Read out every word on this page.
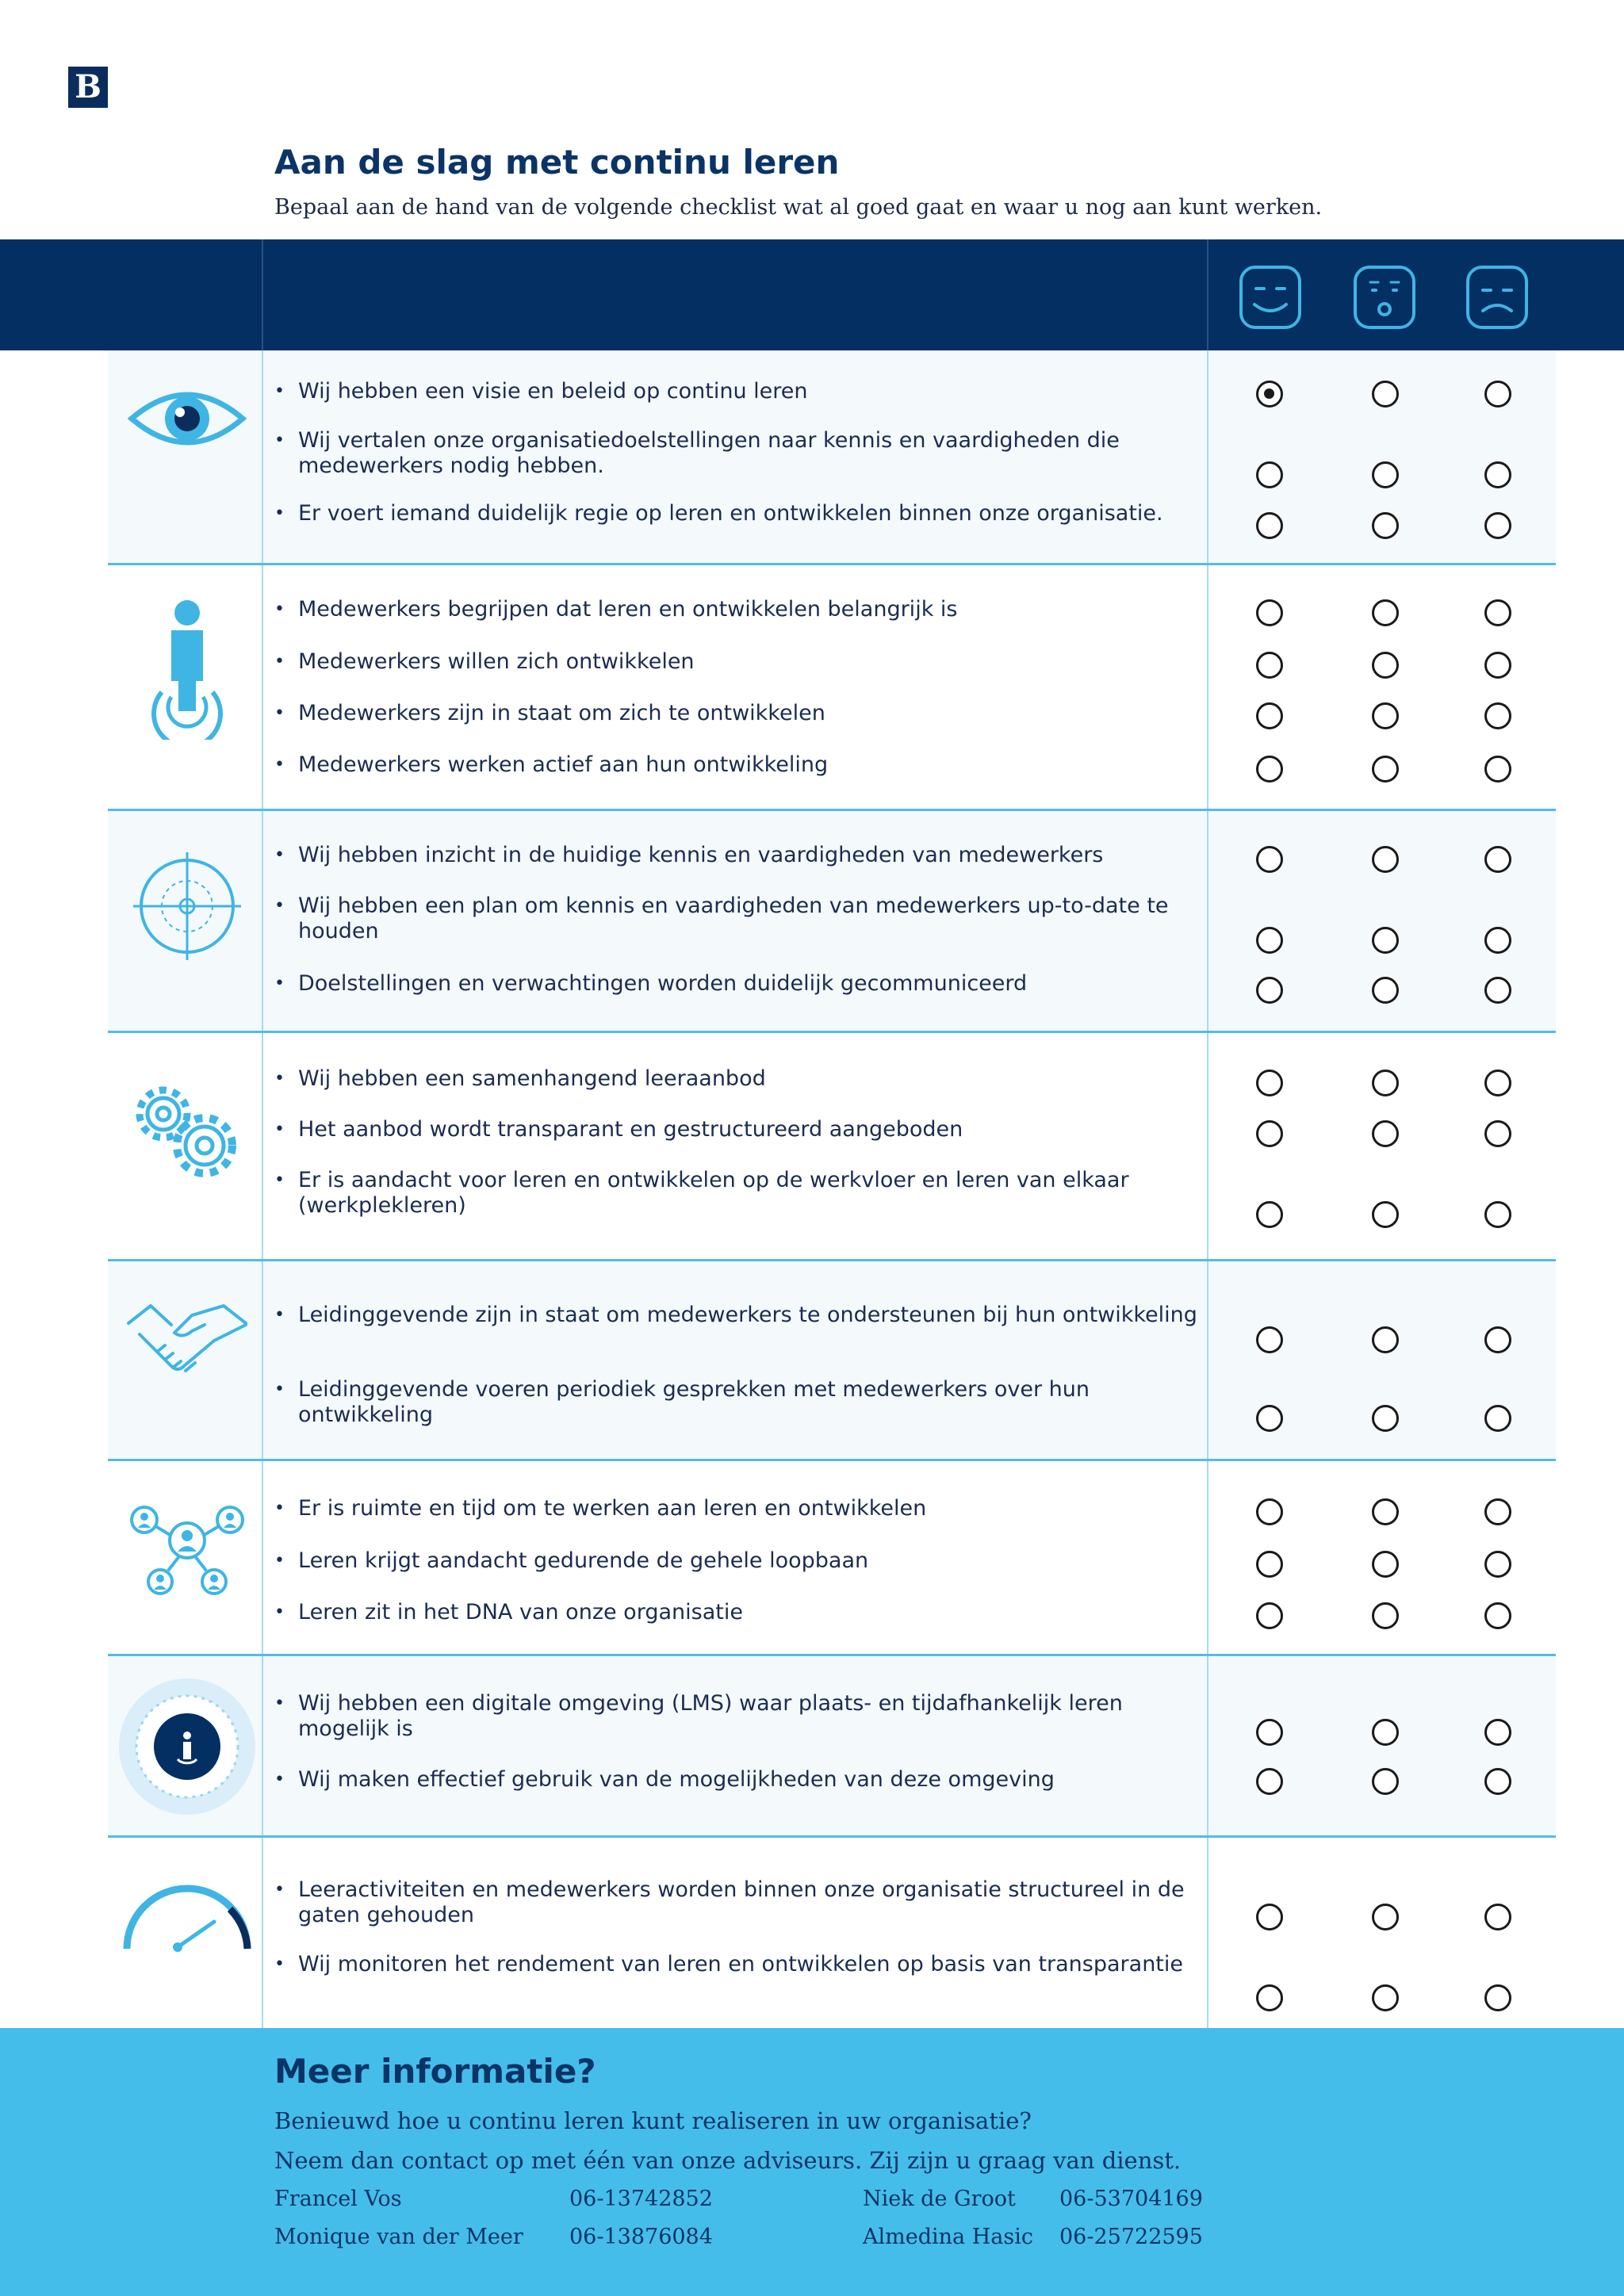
B
Aan de slag met continu leren
Bepaal aan de hand van de volgende checklist wat al goed gaat en waar u nog aan kunt werken.
• Wij hebben een visie en beleid op continu leren
• Wij vertalen onze organisatiedoelstellingen naar kennis en vaardigheden die medewerkers nodig hebben.
• Er voert iemand duidelijk regie op leren en ontwikkelen binnen onze organisatie.
• Medewerkers begrijpen dat leren en ontwikkelen belangrijk is
• Medewerkers willen zich ontwikkelen
• Medewerkers zijn in staat om zich te ontwikkelen
• Medewerkers werken actief aan hun ontwikkeling
• Wij hebben inzicht in de huidige kennis en vaardigheden van medewerkers
• Wij hebben een plan om kennis en vaardigheden van medewerkers up-to-date te houden
• Doelstellingen en verwachtingen worden duidelijk gecommuniceerd
• Wij hebben een samenhangend leeraanbod
• Het aanbod wordt transparant en gestructureerd aangeboden
• Er is aandacht voor leren en ontwikkelen op de werkvloer en leren van elkaar (werkplekleren)
• Leidinggevende zijn in staat om medewerkers te ondersteunen bij hun ontwikkeling
• Leidinggevende voeren periodiek gesprekken met medewerkers over hun ontwikkeling
• Er is ruimte en tijd om te werken aan leren en ontwikkelen
• Leren krijgt aandacht gedurende de gehele loopbaan
• Leren zit in het DNA van onze organisatie
• Wij hebben een digitale omgeving (LMS) waar plaats- en tijdafhankelijk leren mogelijk is
• Wij maken effectief gebruik van de mogelijkheden van deze omgeving
• Leeractiviteiten en medewerkers worden binnen onze organisatie structureel in de gaten gehouden
• Wij monitoren het rendement van leren en ontwikkelen op basis van transparantie
Meer informatie?
Benieuwd hoe u continu leren kunt realiseren in uw organisatie?
Neem dan contact op met één van onze adviseurs. Zij zijn u graag van dienst.
Francel Vos	06-13742852
Monique van der Meer 06-13876084
Niek de Groot 06-53704169
Almedina Hasic 06-25722595
